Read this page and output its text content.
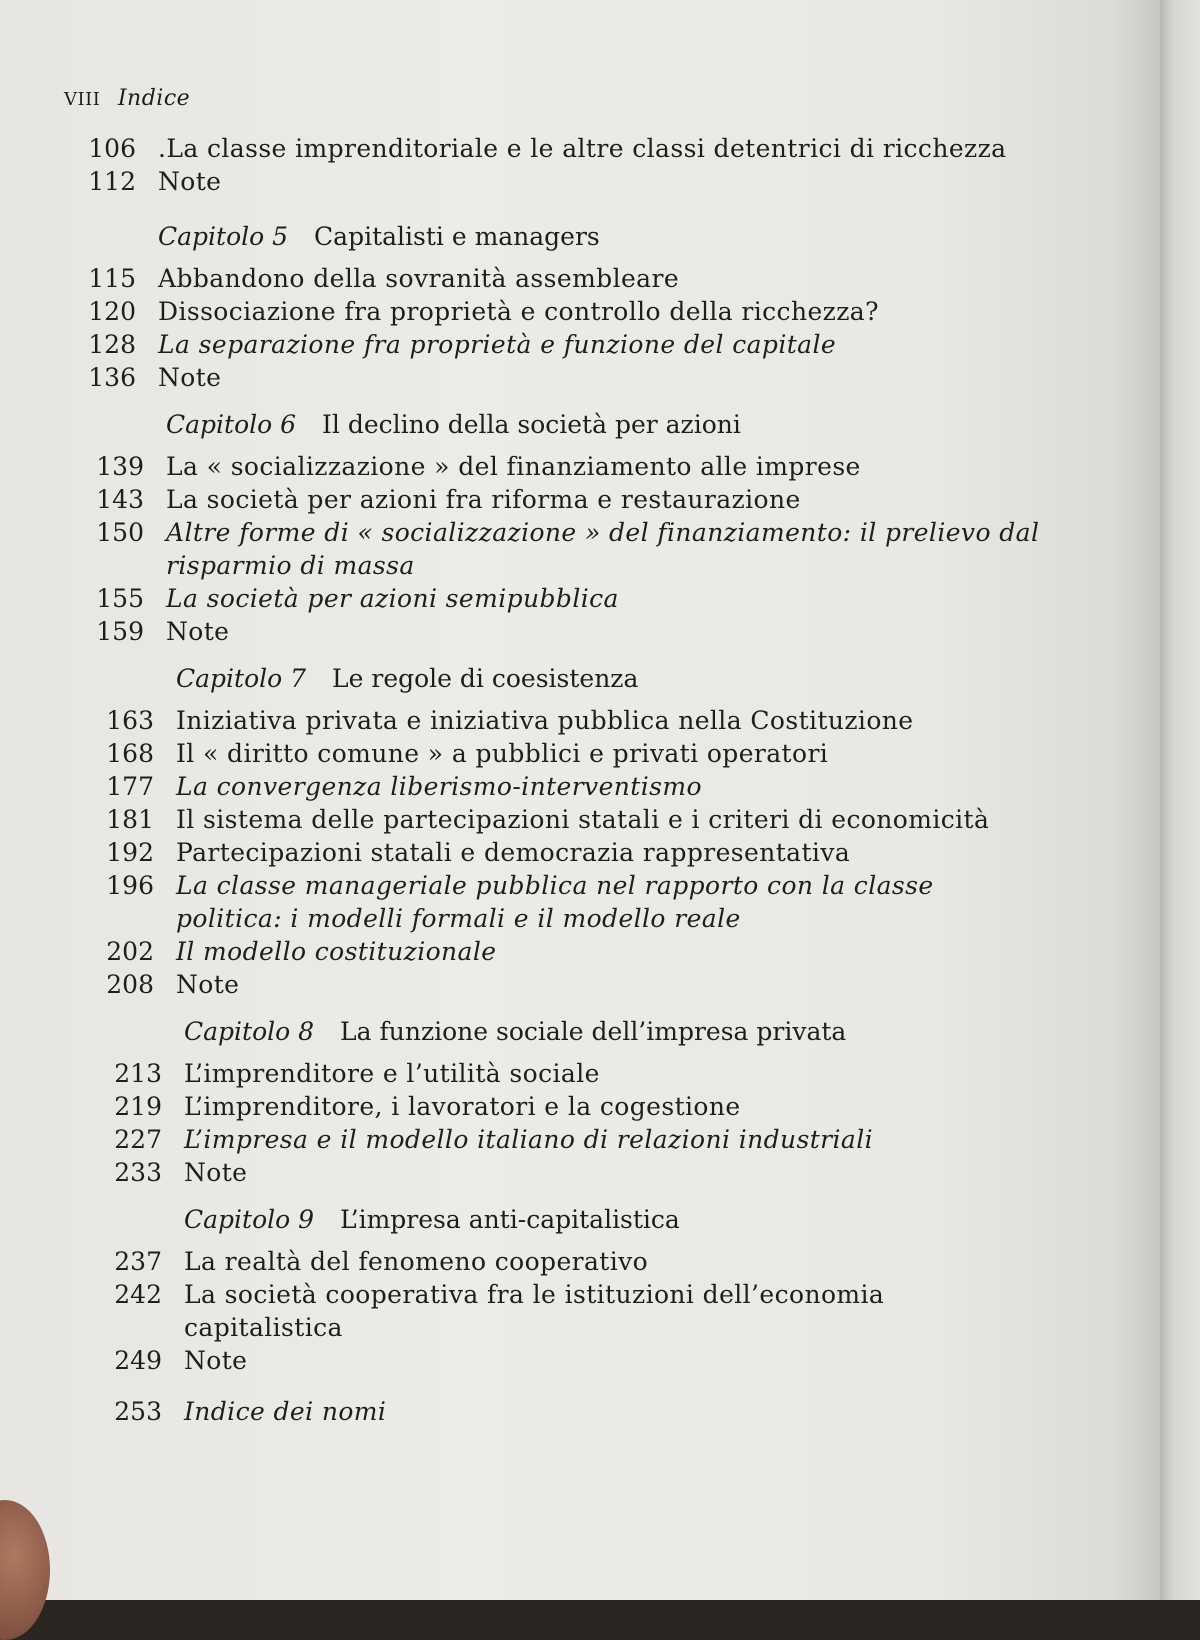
VIII Indice
106 .La classe imprenditoriale e le altre classi detentrici di ricchezza
112 Note
Capitolo 5 Capitalisti e managers
115 Abbandono della sovranità assembleare
120 Dissociazione fra proprietà e controllo della ricchezza?
128 La separazione fra proprietà e funzione del capitale
136 Note
Capitolo 6 Il declino della società per azioni
139 La « socializzazione » del finanziamento alle imprese
143 La società per azioni fra riforma e restaurazione
150 Altre forme di « socializzazione » del finanziamento: il prelievo dal risparmio di massa
155 La società per azioni semipubblica
159 Note
Capitolo 7 Le regole di coesistenza
163 Iniziativa privata e iniziativa pubblica nella Costituzione
168 Il « diritto comune » a pubblici e privati operatori
177 La convergenza liberismo-interventismo
181 Il sistema delle partecipazioni statali e i criteri di economicità
192 Partecipazioni statali e democrazia rappresentativa
196 La classe manageriale pubblica nel rapporto con la classe politica: i modelli formali e il modello reale
202 Il modello costituzionale
208 Note
Capitolo 8 La funzione sociale dell’impresa privata
213 L’imprenditore e l’utilità sociale
219 L’imprenditore, i lavoratori e la cogestione
227 L’impresa e il modello italiano di relazioni industriali
233 Note
Capitolo 9 L’impresa anti-capitalistica
237 La realtà del fenomeno cooperativo
242 La società cooperativa fra le istituzioni dell’economia capitalistica
249 Note
253 Indice dei nomi
